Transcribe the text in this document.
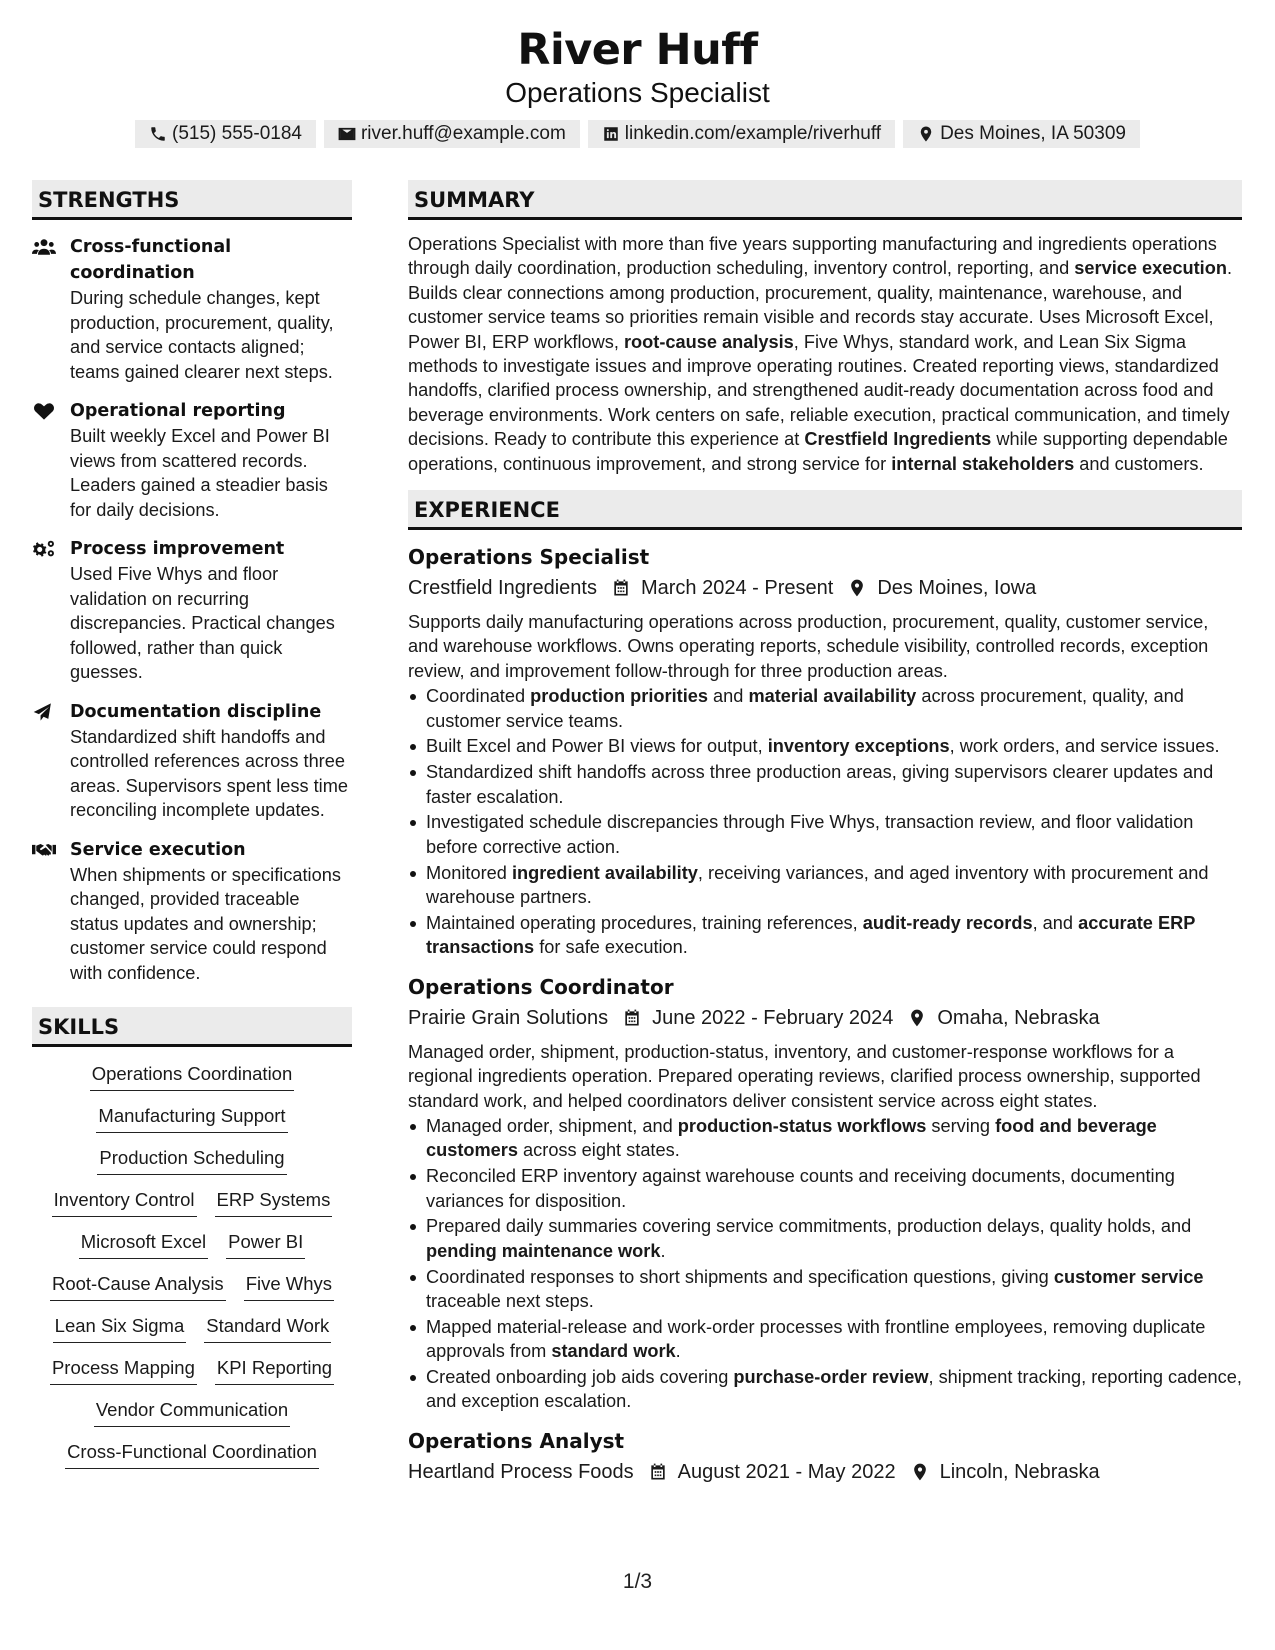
River Huff
Operations Specialist
(515) 555-0184	river.huff@example.com	linkedin.com/example/riverhuff	Des Moines, IA 50309
STRENGTHS
Cross-functional coordination
During schedule changes, kept production, procurement, quality, and service contacts aligned; teams gained clearer next steps.
Operational reporting
Built weekly Excel and Power BI views from scattered records. Leaders gained a steadier basis for daily decisions.
Process improvement
Used Five Whys and floor validation on recurring discrepancies. Practical changes followed, rather than quick guesses.
Documentation discipline
Standardized shift handoffs and controlled references across three areas. Supervisors spent less time reconciling incomplete updates.
Service execution
When shipments or specifications changed, provided traceable status updates and ownership; customer service could respond with confidence.
SKILLS
Operations Coordination
Manufacturing Support
Production Scheduling
Inventory Control ERP Systems
Microsoft Excel Power BI
Root-Cause Analysis Five Whys
Lean Six Sigma Standard Work
Process Mapping KPI Reporting
Vendor Communication
Cross-Functional Coordination
SUMMARY

Operations Specialist with more than five years supporting manufacturing and ingredients operations through daily coordination, production scheduling, inventory control, reporting, and service execution. Builds clear connections among production, procurement, quality, maintenance, warehouse, and customer service teams so priorities remain visible and records stay accurate. Uses Microsoft Excel, Power BI, ERP workflows, root-cause analysis, Five Whys, standard work, and Lean Six Sigma methods to investigate issues and improve operating routines. Created reporting views, standardized handoffs, clarified process ownership, and strengthened audit-ready documentation across food and beverage environments. Work centers on safe, reliable execution, practical communication, and timely decisions. Ready to contribute this experience at Crestfield Ingredients while supporting dependable operations, continuous improvement, and strong service for internal stakeholders and customers.

EXPERIENCE
Operations Specialist
Crestfield Ingredients March 2024 - Present Des Moines, Iowa
Supports daily manufacturing operations across production, procurement, quality, customer service, and warehouse workflows. Owns operating reports, schedule visibility, controlled records, exception review, and improvement follow-through for three production areas.
Coordinated production priorities and material availability across procurement, quality, and customer service teams.
Built Excel and Power BI views for output, inventory exceptions, work orders, and service issues.
Standardized shift handoffs across three production areas, giving supervisors clearer updates and faster escalation.
Investigated schedule discrepancies through Five Whys, transaction review, and floor validation before corrective action.
Monitored ingredient availability, receiving variances, and aged inventory with procurement and warehouse partners.
Maintained operating procedures, training references, audit-ready records, and accurate ERP transactions for safe execution.
Operations Coordinator
Prairie Grain Solutions June 2022 - February 2024 Omaha, Nebraska
Managed order, shipment, production-status, inventory, and customer-response workflows for a regional ingredients operation. Prepared operating reviews, clarified process ownership, supported standard work, and helped coordinators deliver consistent service across eight states.
Managed order, shipment, and production-status workflows serving food and beverage customers across eight states.
Reconciled ERP inventory against warehouse counts and receiving documents, documenting variances for disposition.
Prepared daily summaries covering service commitments, production delays, quality holds, and pending maintenance work.
Coordinated responses to short shipments and specification questions, giving customer service traceable next steps.
Mapped material-release and work-order processes with frontline employees, removing duplicate approvals from standard work.
Created onboarding job aids covering purchase-order review, shipment tracking, reporting cadence, and exception escalation.
Operations Analyst
Heartland Process Foods August 2021 - May 2022 Lincoln, Nebraska
1/3
